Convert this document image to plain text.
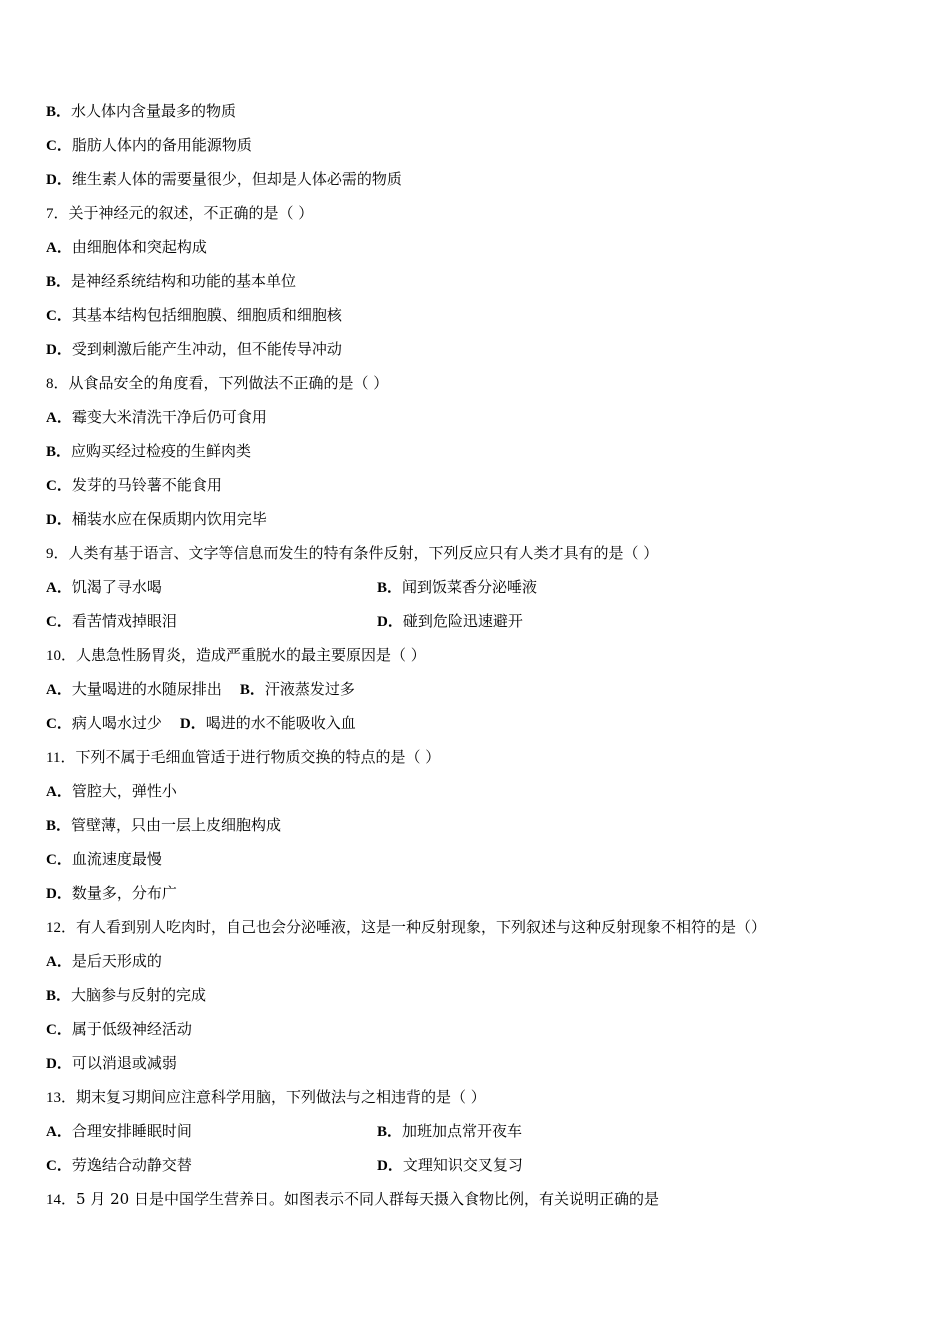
B．水人体内含量最多的物质
C．脂肪人体内的备用能源物质
D．维生素人体的需要量很少，但却是人体必需的物质
7．关于神经元的叙述，不正确的是（ ）
A．由细胞体和突起构成
B．是神经系统结构和功能的基本单位
C．其基本结构包括细胞膜、细胞质和细胞核
D．受到刺激后能产生冲动，但不能传导冲动
8．从食品安全的角度看，下列做法不正确的是（ ）
A．霉变大米清洗干净后仍可食用
B．应购买经过检疫的生鲜肉类
C．发芽的马铃薯不能食用
D．桶装水应在保质期内饮用完毕
9．人类有基于语言、文字等信息而发生的特有条件反射，下列反应只有人类才具有的是（ ）
A．饥渴了寻水喝	B．闻到饭菜香分泌唾液
C．看苦情戏掉眼泪	D．碰到危险迅速避开
10．人患急性肠胃炎，造成严重脱水的最主要原因是（ ）
A．大量喝进的水随尿排出 B．汗液蒸发过多
C．病人喝水过少 D．喝进的水不能吸收入血
11．下列不属于毛细血管适于进行物质交换的特点的是（ ）
A．管腔大，弹性小
B．管壁薄，只由一层上皮细胞构成
C．血流速度最慢
D．数量多，分布广
12．有人看到别人吃肉时，自己也会分泌唾液，这是一种反射现象，下列叙述与这种反射现象不相符的是（）
A．是后天形成的
B．大脑参与反射的完成
C．属于低级神经活动
D．可以消退或减弱
13．期末复习期间应注意科学用脑，下列做法与之相违背的是（ ）
A．合理安排睡眠时间	B．加班加点常开夜车
C．劳逸结合动静交替	D．文理知识交叉复习
14．5 月 20 日是中国学生营养日。如图表示不同人群每天摄入食物比例，有关说明正确的是
